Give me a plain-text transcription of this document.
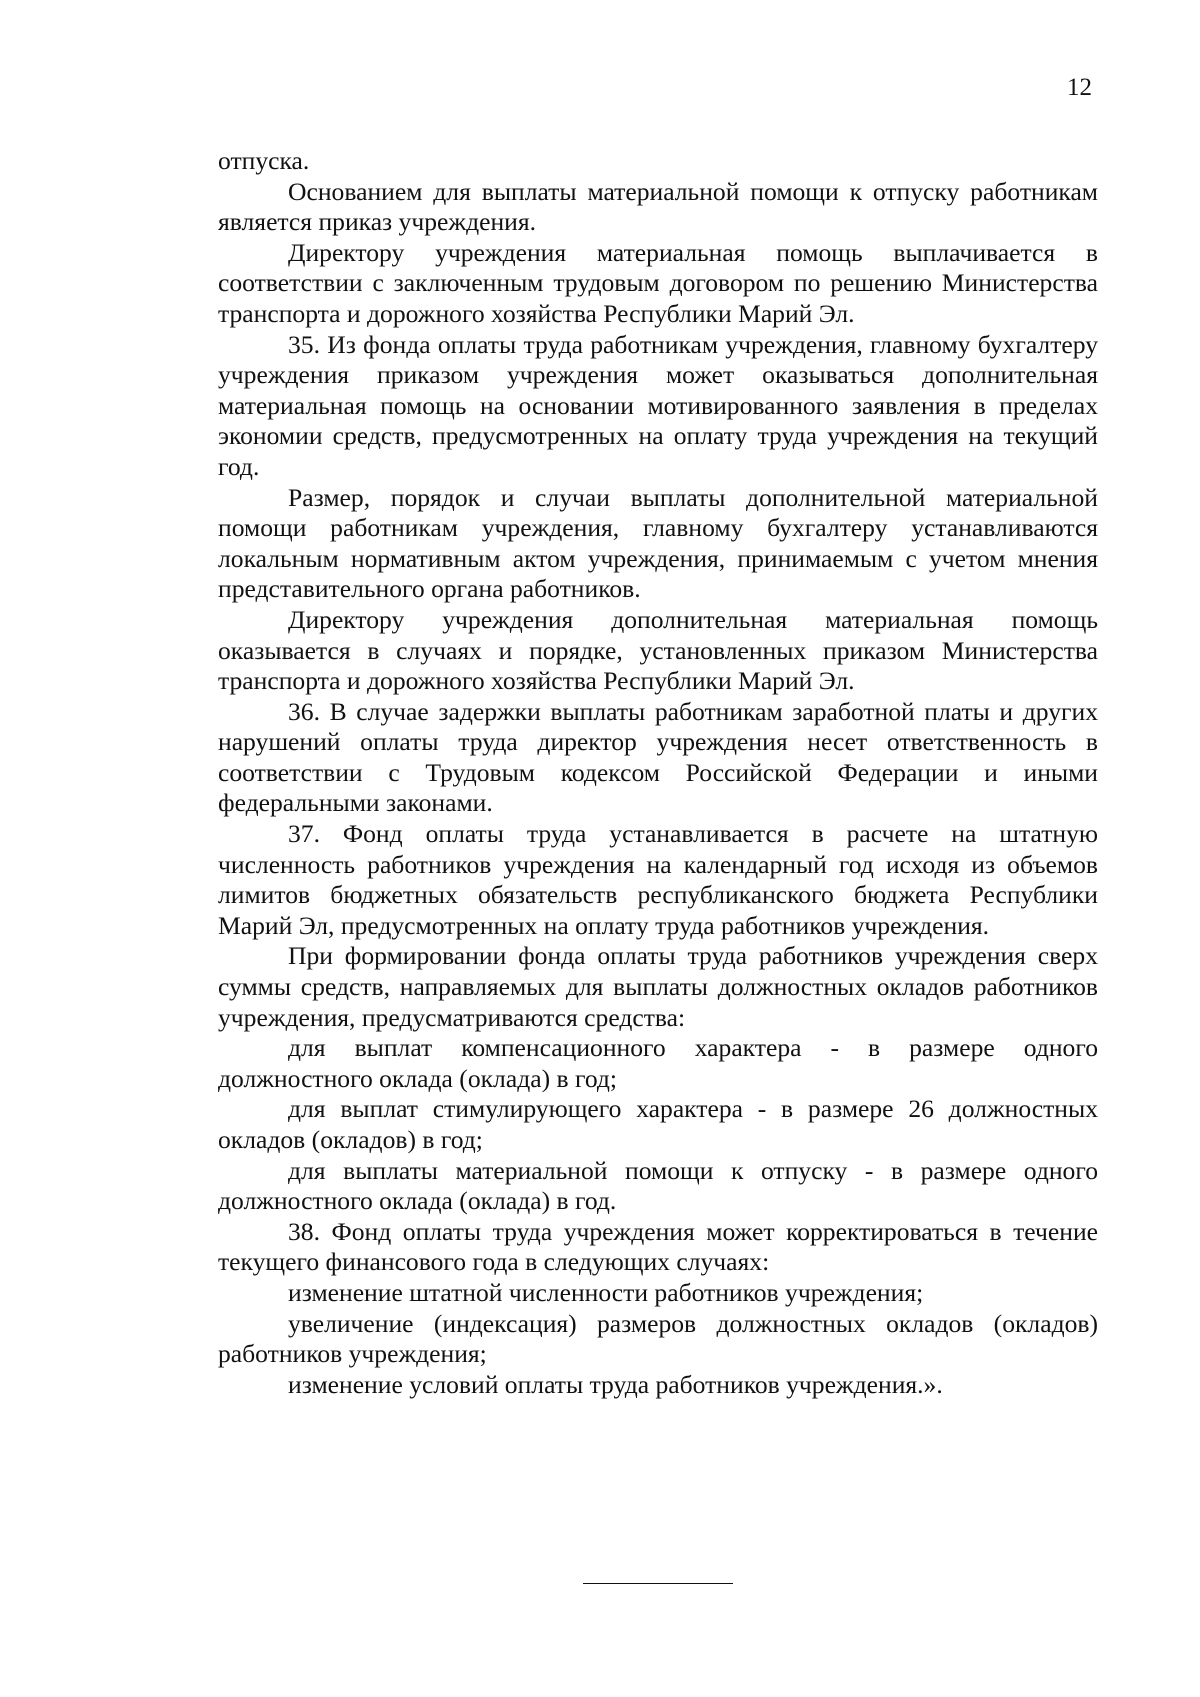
12

отпуска.

Основанием для выплаты материальной помощи к отпуску работникам является приказ учреждения.

Директору учреждения материальная помощь выплачивается в соответствии с заключенным трудовым договором по решению Министерства транспорта и дорожного хозяйства Республики Марий Эл.

35. Из фонда оплаты труда работникам учреждения, главному бухгалтеру учреждения приказом учреждения может оказываться дополнительная материальная помощь на основании мотивированного заявления в пределах экономии средств, предусмотренных на оплату труда учреждения на текущий год.

Размер, порядок и случаи выплаты дополнительной материальной помощи работникам учреждения, главному бухгалтеру устанавливаются локальным нормативным актом учреждения, принимаемым с учетом мнения представительного органа работников.

Директору учреждения дополнительная материальная помощь оказывается в случаях и порядке, установленных приказом Министерства транспорта и дорожного хозяйства Республики Марий Эл.

36. В случае задержки выплаты работникам заработной платы и других нарушений оплаты труда директор учреждения несет ответственность в соответствии с Трудовым кодексом Российской Федерации и иными федеральными законами.

37. Фонд оплаты труда устанавливается в расчете на штатную численность работников учреждения на календарный год исходя из объемов лимитов бюджетных обязательств республиканского бюджета Республики Марий Эл, предусмотренных на оплату труда работников учреждения.

При формировании фонда оплаты труда работников учреждения сверх суммы средств, направляемых для выплаты должностных окладов работников учреждения, предусматриваются средства:

для выплат компенсационного характера - в размере одного должностного оклада (оклада) в год;

для выплат стимулирующего характера - в размере 26 должностных окладов (окладов) в год;

для выплаты материальной помощи к отпуску - в размере одного должностного оклада (оклада) в год.

38. Фонд оплаты труда учреждения может корректироваться в течение текущего финансового года в следующих случаях:

изменение штатной численности работников учреждения;

увеличение (индексация) размеров должностных окладов (окладов) работников учреждения;

изменение условий оплаты труда работников учреждения.».
